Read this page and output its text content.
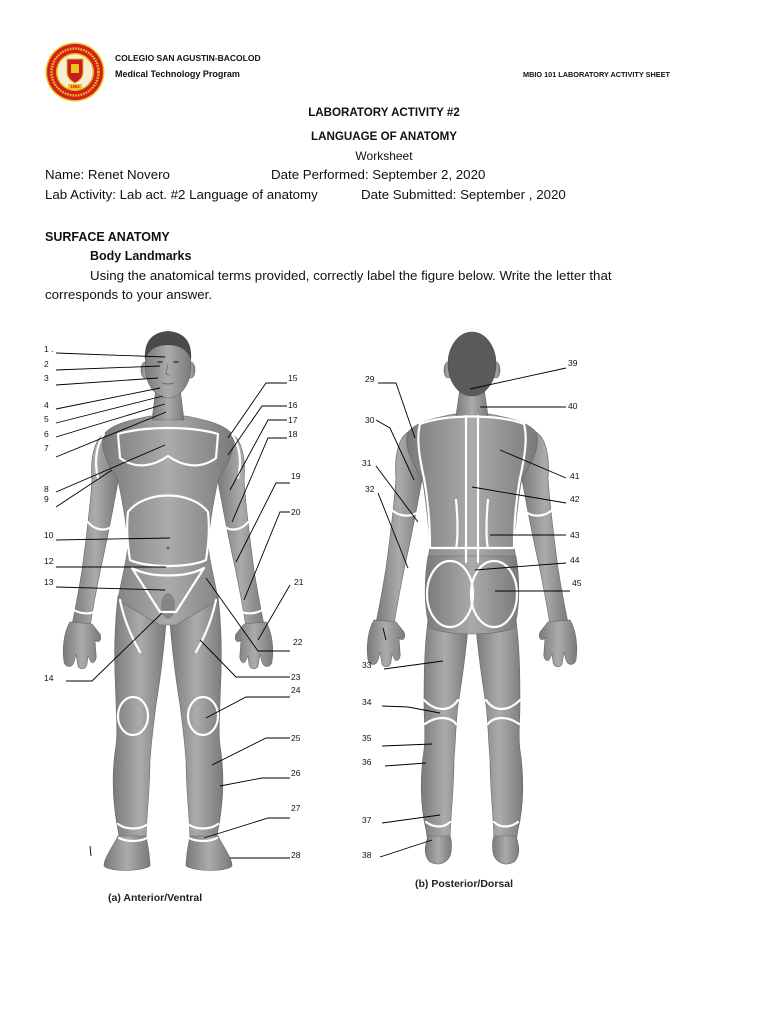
1962
COLEGIO SAN AGUSTIN-BACOLOD
Medical Technology Program	MBIO 101 LABORATORY ACTIVITY SHEET
LABORATORY ACTIVITY #2
LANGUAGE OF ANATOMY
Worksheet
Name: Renet Novero	Date Performed: September 2, 2020
Lab Activity: Lab act. #2 Language of anatomy	Date Submitted: September , 2020
SURFACE ANATOMY
Body Landmarks
Using the anatomical terms provided, correctly label the figure below. Write the letter that
corresponds to your answer.
1 .
2
3
4
5
6
7
8
9
10
12
13
14
15
16
17
18
19
20
21
22
23
24
25
26
27
28
(a) Anterior/Ventral
29
30
31
32
33
34
35
36
37
38
39
40
41
42
43
44
45
(b) Posterior/Dorsal
